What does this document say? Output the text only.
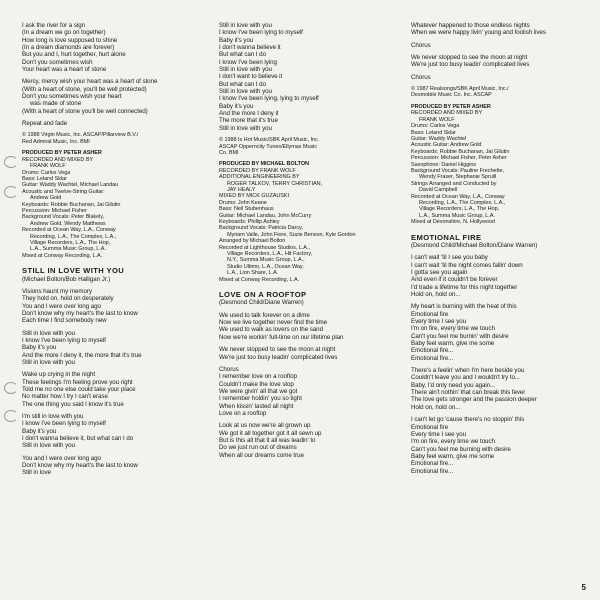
I ask the river for a sign
(In a dream we go on together)
How long is love supposed to shine
(In a dream diamonds are forever)
But you and I, hurt together, hurt alone
Don't you sometimes wish
Your heart was a heart of stone
Mercy, mercy wish your heart was a heart of stone
(With a heart of stone, you'll be well protected)
Don't you sometimes wish your heart
was made of stone
(With a heart of stone you'll be well connected)
Repeat and fade
© 1988 Virgin Music, Inc. ASCAP/Pillarview B.V./
Red Admiral Music, Inc. BMI
PRODUCED BY PETER ASHER
RECORDED AND MIXED BY
FRANK WOLF
Drums: Carlos Vega
Bass: Leland Sklar
Guitar: Waddy Wachtel, Michael Landau
Acoustic and Twelve-String Guitar:
Andrew Gold
Keyboards: Robbie Buchanan, Jai Gilutin
Percussion: Michael Fisher
Background Vocals: Peter Blakely,
Andrew Gold, Wendy Matthews
Recorded at Ocean Way, L.A., Conway
Recording, L.A., The Complex, L.A.,
Village Recorders, L.A., The Hop,
L.A., Summa Music Group, L.A.
Mixed at Conway Recording, L.A.
STILL IN LOVE WITH YOU
(Michael Bolton/Bob Halligan Jr.)
Visions haunt my memory
They hold on, hold on desperately
You and I were over long ago
Don't know why my heart's the last to know
Each time I find somebody new
Still in love with you
I know I've been lying to myself
Baby it's you
And the more I deny it, the more that it's true
Still in love with you
Wake up crying in the night
These feelings I'm feeling prove you right
Told me no one else could take your place
No matter how I try I can't erase
The one thing you said I know it's true
I'm still in love with you
I know I've been lying to myself
Baby it's you
I don't wanna believe it, but what can I do
Still in love with you
You and I were over long ago
Don't know why my heart's the last to know
Still in love
Still in love with you
I know I've been lying to myself
Baby it's you
I don't wanna believe it
But what can I do
I know I've been lying
Still in love with you
I don't want to believe it
But what can I do
Still in love with you
I know I've been lying, lying to myself
Baby it's you
And the more I deny it
The more that it's true
Still in love with you
© 1988 Is Hot Music/SBK April Music, Inc.
ASCAP Opperncity Tunes/Ellymax Music
Co. BMI
PRODUCED BY MICHAEL BOLTON
RECORDED BY FRANK WOLF
ADDITIONAL ENGINEERING BY
ROGER TALKOV, TERRY CHRISTIAN,
JAY HEALY
MIXED BY MICK GUZAUSKI
Drums: John Keane
Bass: Neil Stubenhaus
Guitar: Michael Landau, John McCurry
Keyboards: Phillip Ashley
Background Vocals: Patricia Darcy,
Myriam Valle, John Fiore, Suzie Benson, Kyle Gordon
Arranged by Michael Bolton
Recorded at Lighthouse Studios, L.A.,
Village Recorders, L.A., Hit Factory,
N.Y., Summa Music Group, L.A.,
Studio Ultimo, L.A., Ocean Way,
L.A., Lion Share, L.A.
Mixed at Conway Recording, L.A.
LOVE ON A ROOFTOP
(Desmond Child/Diane Warren)
We used to talk forever on a dime
Now we live together never find the time
We used to walk as lovers on the sand
Now we're workin' full-time on our lifetime plan
We never stopped to see the moon at night
We're just too busy leadin' complicated lives
Chorus
I remember love on a rooftop
Couldn't make the love stop
We were givin' all that we got
I remember holdin' you so tight
When kissin' lasted all night
Love on a rooftop
Look at us now we're all grown up
We got it all together got it all sewn up
But is this all that it all was leadin' to
Do we just run out of dreams
When all our dreams come true
Whatever happened to those endless nights
When we were happy livin' young and foolish lives
Chorus
We never stopped to see the moon at night
We're just too busy leadin' complicated lives
Chorus
© 1987 Realsongs/SBK April Music, Inc./
Desmobile Music Co. Inc. ASCAP
PRODUCED BY PETER ASHER
RECORDED AND MIXED BY
FRANK WOLF
Drums: Carlos Vega
Bass: Leland Sklar
Guitar: Waddy Wachtel
Acoustic Guitar: Andrew Gold
Keyboards: Robbie Buchanan, Jai Gilutin
Percussion: Michael Fisher, Peter Asher
Saxophone: Daniel Higgins
Background Vocals: Pauline Frechette,
Wendy Fraser, Stephanie Spruill
Strings Arranged and Conducted by
David Campbell
Recorded at Ocean Way, L.A., Conway
Recording, L.A., The Complex, L.A.,
Village Recorders, L.A., The Hop,
L.A., Summa Music Group, L.A.
Mixed at Devonshire, N. Hollywood
EMOTIONAL FIRE
(Desmond Child/Michael Bolton/Diane Warren)
I can't wait 'til I see you baby
I can't wait 'til the night comes fallin' down
I gotta see you again
And even if it couldn't be forever
I'd trade a lifetime for this night together
Hold on, hold on...
My heart is burning with the heat of this
Emotional fire
Every time I see you
I'm on fire, every time we touch
Can't you feel me burnin' with desire
Baby feel warm, give me some
Emotional fire...
Emotional fire...
There's a feelin' when I'm here beside you
Couldn't leave you and I wouldn't try to...
Baby, I'd only need you again...
There ain't nothin' that can break this fever
The love gets stronger and the passion deeper
Hold on, hold on...
I can't let go 'cause there's no stoppin' this
Emotional fire
Every time I see you
I'm on fire, every time we touch
Can't you feel me burning with desire
Baby feel warm, give me some
Emotional fire...
Emotional fire...
5
